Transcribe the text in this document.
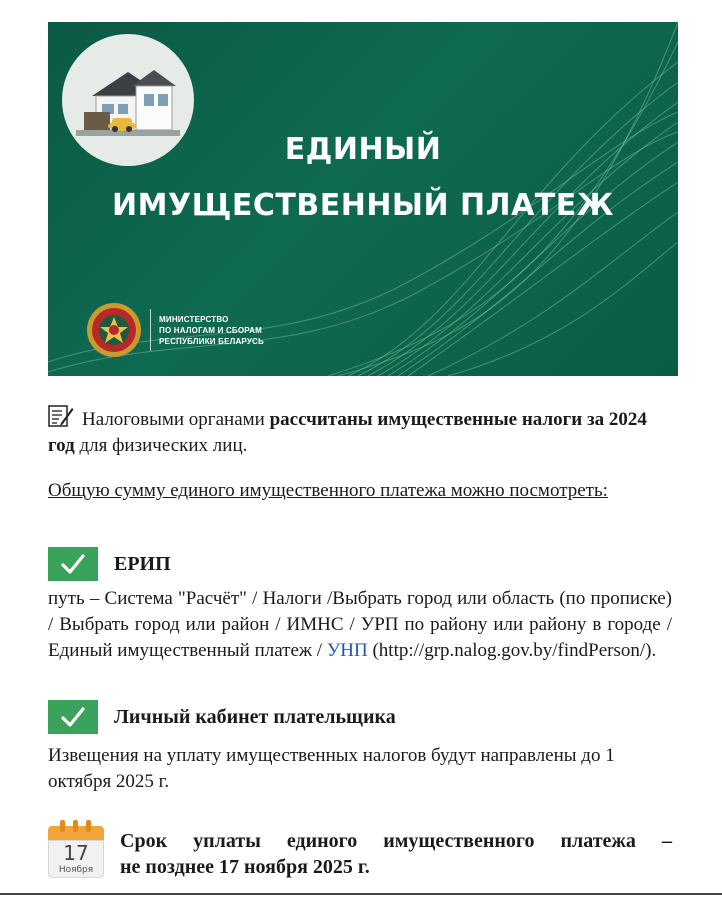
ЕДИНЫЙ
ИМУЩЕСТВЕННЫЙ ПЛАТЕЖ
МИНИСТЕРСТВО
ПО НАЛОГАМ И СБОРАМ
РЕСПУБЛИКИ БЕЛАРУСЬ
Налоговыми органами рассчитаны имущественные налоги за 2024 год для физических лиц.
Общую сумму единого имущественного платежа можно посмотреть:
ЕРИП
путь – Система "Расчёт" / Налоги /Выбрать город или область (по прописке) / Выбрать город или район / ИМНС / УРП по району или району в городе / Единый имущественный платеж / УНП (http://grp.nalog.gov.by/findPerson/).
Личный кабинет плательщика
Извещения на уплату имущественных налогов будут направлены до 1 октября 2025 г.
17
Ноября
Срок уплаты единого имущественного платежа –
не позднее 17 ноября 2025 г.
